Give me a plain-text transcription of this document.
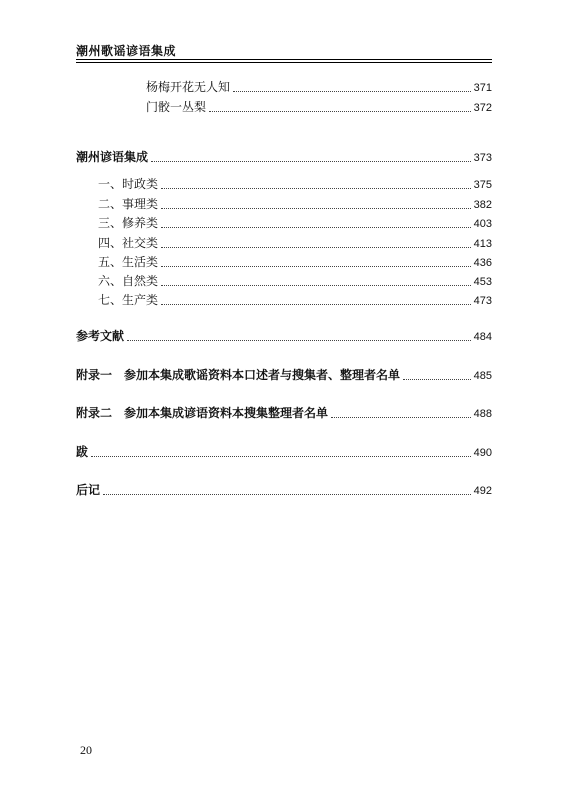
潮州歌谣谚语集成
杨梅开花无人知	371
门骹一丛梨	372
潮州谚语集成	373
一、时政类	375
二、事理类	382
三、修养类	403
四、社交类	413
五、生活类	436
六、自然类	453
七、生产类	473
参考文献	484
附录一　参加本集成歌谣资料本口述者与搜集者、整理者名单	485
附录二　参加本集成谚语资料本搜集整理者名单	488
跋	490
后记	492
20
